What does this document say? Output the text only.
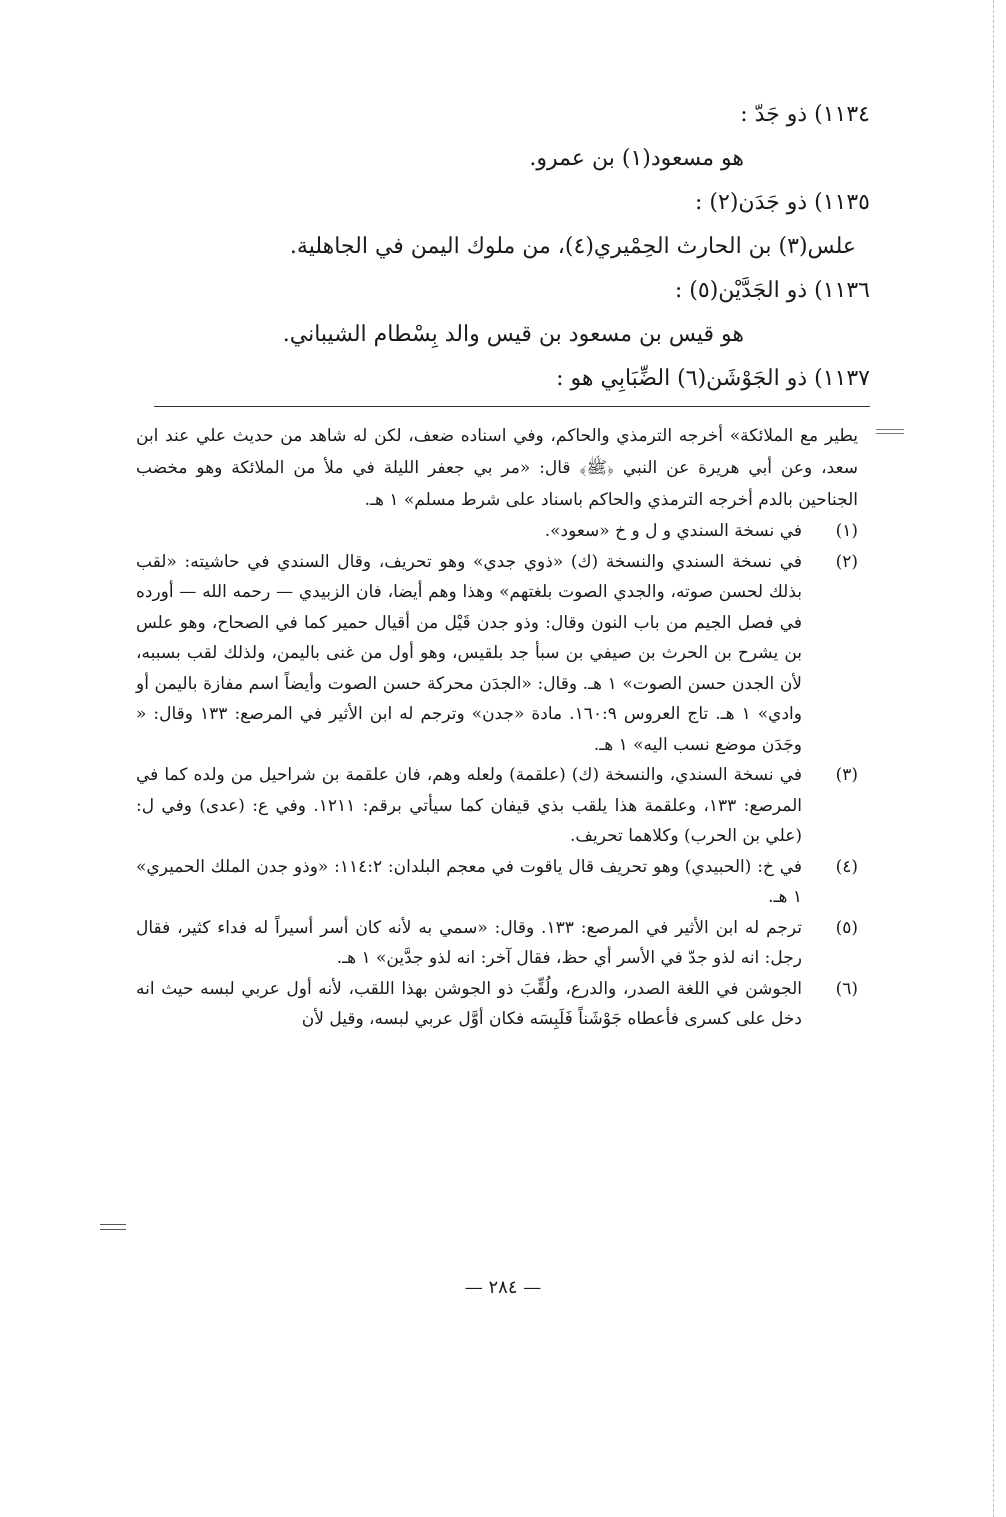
١١٣٤) ذو جَدّ :
هو مسعود(١) بن عمرو.
١١٣٥) ذو جَدَن(٢) :
علس(٣) بن الحارث الحِمْيري(٤)، من ملوك اليمن في الجاهلية.
١١٣٦) ذو الجَدَّيْن(٥) :
هو قيس بن مسعود بن قيس والد بِسْطام الشيباني.
١١٣٧) ذو الجَوْشَن(٦) الضِّبَابِي هو :
يطير مع الملائكة» أخرجه الترمذي والحاكم، وفي اسناده ضعف، لكن له شاهد من حديث علي عند ابن سعد، وعن أبي هريرة عن النبي ﴿ﷺ﴾ قال: «مر بي جعفر الليلة في ملأ من الملائكة وهو مخضب الجناحين بالدم أخرجه الترمذي والحاكم باسناد على شرط مسلم» ١ هـ.
(١)
في نسخة السندي و ل و خ «سعود».
(٢)
في نسخة السندي والنسخة (ك) «ذوي جدي» وهو تحريف، وقال السندي في حاشيته: «لقب بذلك لحسن صوته، والجدي الصوت بلغتهم» وهذا وهم أيضا، فان الزبيدي — رحمه الله — أورده في فصل الجيم من باب النون وقال: وذو جدن قَيْل من أقيال حمير كما في الصحاح، وهو علس بن يشرح بن الحرث بن صيفي بن سبأ جد بلقيس، وهو أول من غنى باليمن، ولذلك لقب بسببه، لأن الجدن حسن الصوت» ١ هـ. وقال: «الجدَن محركة حسن الصوت وأيضاً اسم مفازة باليمن أو وادي» ١ هـ. تاج العروس ١٦٠:٩. مادة «جدن» وترجم له ابن الأثير في المرصع: ١٣٣ وقال: « وجَدَن موضع نسب اليه» ١ هـ.
(٣)
في نسخة السندي، والنسخة (ك) (علقمة) ولعله وهم، فان علقمة بن شراحيل من ولده كما في المرصع: ١٣٣، وعلقمة هذا يلقب بذي قيفان كما سيأتي برقم: ١٢١١. وفي ع: (عدى) وفي ل: (علي بن الحرب) وكلاهما تحريف.
(٤)
في خ: (الحبيدي) وهو تحريف قال ياقوت في معجم البلدان: ١١٤:٢: «وذو جدن الملك الحميري» ١ هـ.
(٥)
ترجم له ابن الأثير في المرصع: ١٣٣. وقال: «سمي به لأنه كان أسر أسيراً له فداء كثير، فقال رجل: انه لذو جدّ في الأسر أي حظ، فقال آخر: انه لذو جدَّين» ١ هـ.
(٦)
الجوشن في اللغة الصدر، والدرع، ولُقِّبَ ذو الجوشن بهذا اللقب، لأنه أول عربي لبسه حيث انه دخل على كسرى فأعطاه جَوْشَناً فَلَبِسَه فكان أوَّل عربي لبسه، وقيل لأن
— ٢٨٤ —
